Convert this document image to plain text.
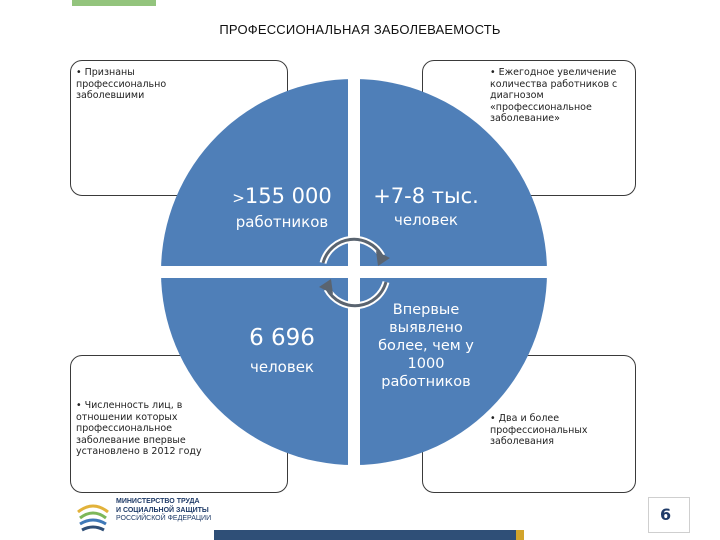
ПРОФЕССИОНАЛЬНАЯ ЗАБОЛЕВАЕМОСТЬ
• Признаны профессионально заболевшими
• Ежегодное увеличение количества работников с диагнозом «профессиональное заболевание»
• Численность лиц, в отношении которых профессиональное заболевание впервые установлено в 2012 году
• Два и более профессиональных заболевания
>155 000
работников
+7-8 тыс.
человек
6 696
человек
Впервые
выявлено
более, чем у
1000
работников
МИНИСТЕРСТВО ТРУДА
И СОЦИАЛЬНОЙ ЗАЩИТЫ
РОССИЙСКОЙ ФЕДЕРАЦИИ	6
